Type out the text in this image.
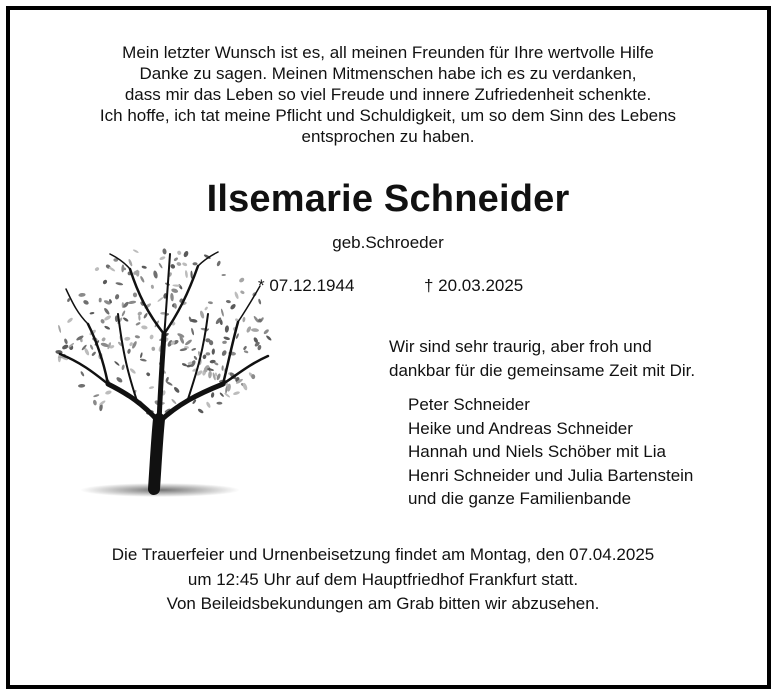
Mein letzter Wunsch ist es, all meinen Freunden für Ihre wertvolle Hilfe
Danke zu sagen. Meinen Mitmenschen habe ich es zu verdanken,
dass mir das Leben so viel Freude und innere Zufriedenheit schenkte.
Ich hoffe, ich tat meine Pflicht und Schuldigkeit, um so dem Sinn des Lebens
entsprochen zu haben.
Ilsemarie Schneider
geb.Schroeder
* 07.12.1944	† 20.03.2025
Wir sind sehr traurig, aber froh und
dankbar für die gemeinsame Zeit mit Dir.
Peter Schneider
Heike und Andreas Schneider
Hannah und Niels Schöber mit Lia
Henri Schneider und Julia Bartenstein
und die ganze Familienbande
Die Trauerfeier und Urnenbeisetzung findet am Montag, den 07.04.2025
um 12:45 Uhr auf dem Hauptfriedhof Frankfurt statt.
Von Beileidsbekundungen am Grab bitten wir abzusehen.
